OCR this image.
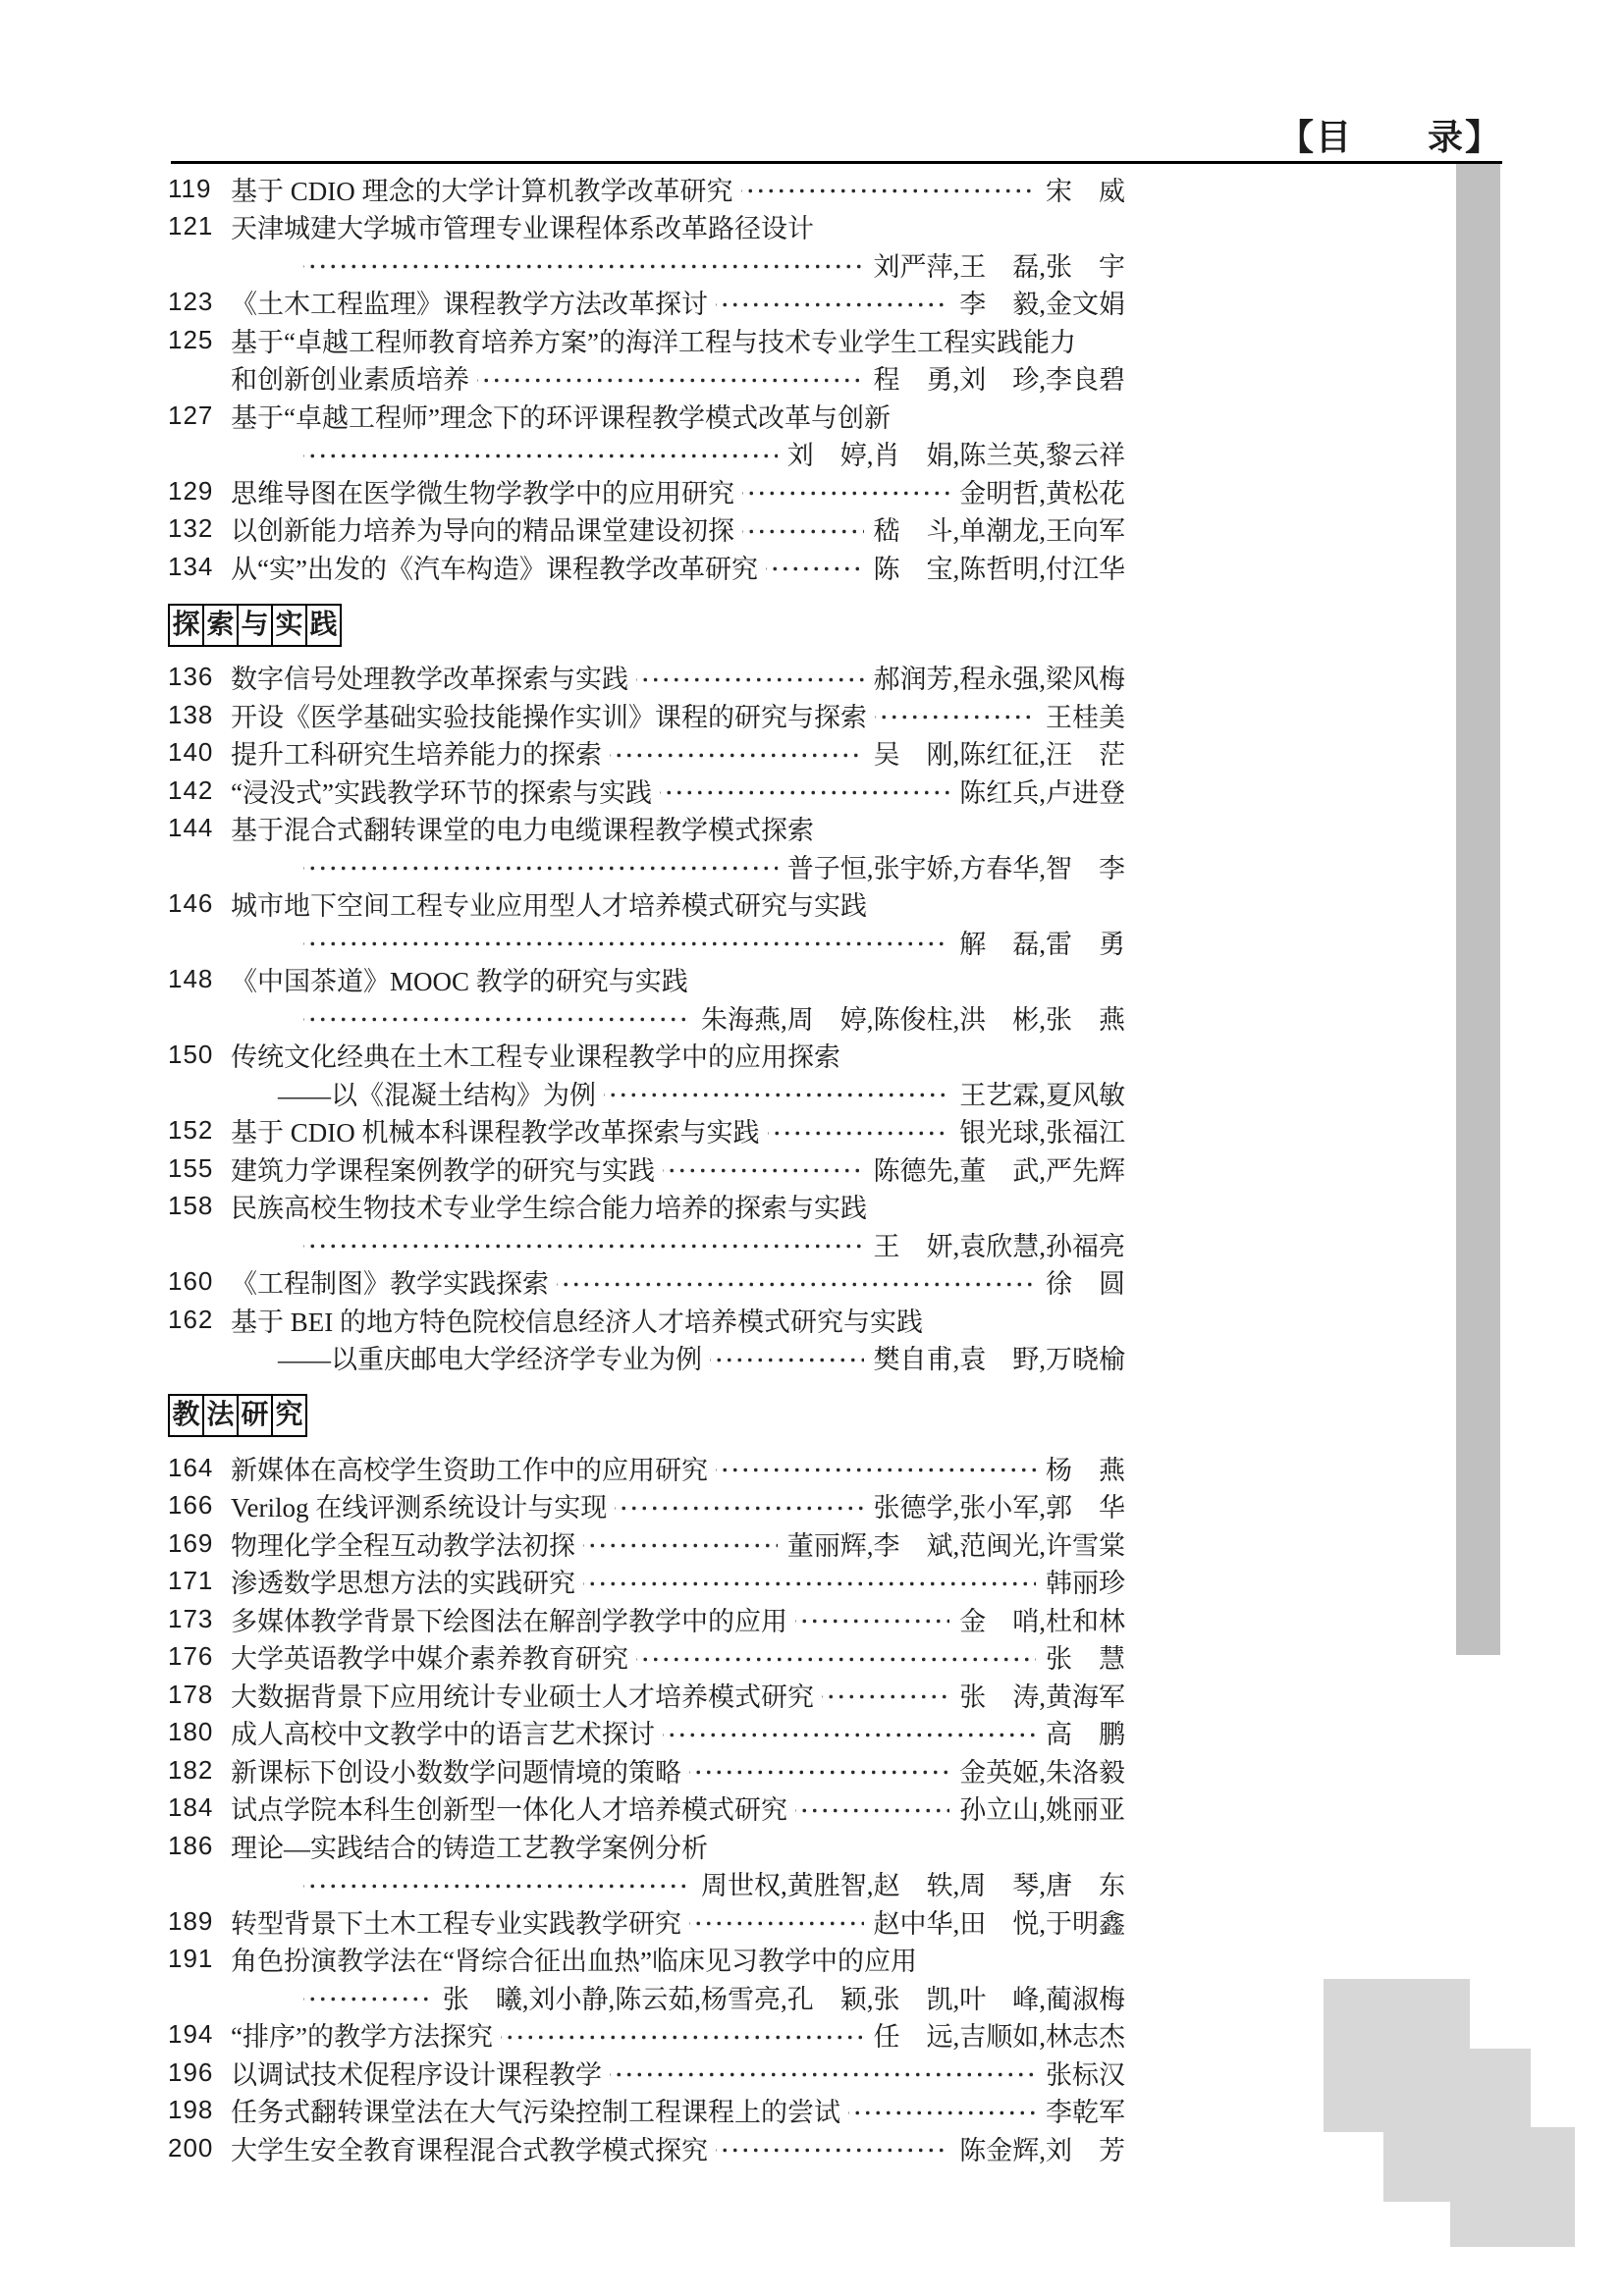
【目　　录】
119 基于 CDIO 理念的大学计算机教学改革研究	宋　威
121 天津城建大学城市管理专业课程体系改革路径设计
刘严萍,王　磊,张　宇
123 《土木工程监理》课程教学方法改革探讨	李　毅,金文娟
125 基于“卓越工程师教育培养方案”的海洋工程与技术专业学生工程实践能力
和创新创业素质培养	程　勇,刘　珍,李良碧
127 基于“卓越工程师”理念下的环评课程教学模式改革与创新
刘　婷,肖　娟,陈兰英,黎云祥
129 思维导图在医学微生物学教学中的应用研究	金明哲,黄松花
132 以创新能力培养为导向的精品课堂建设初探	嵇　斗,单潮龙,王向军
134 从“实”出发的《汽车构造》课程教学改革研究	陈　宝,陈哲明,付江华
探 索 与 实 践
136 数字信号处理教学改革探索与实践	郝润芳,程永强,梁风梅
138 开设《医学基础实验技能操作实训》课程的研究与探索	王桂美
140 提升工科研究生培养能力的探索	吴　刚,陈红征,汪　茫
142 “浸没式”实践教学环节的探索与实践	陈红兵,卢进登
144 基于混合式翻转课堂的电力电缆课程教学模式探索
普子恒,张宇娇,方春华,智　李
146 城市地下空间工程专业应用型人才培养模式研究与实践
解　磊,雷　勇
148 《中国茶道》MOOC 教学的研究与实践
朱海燕,周　婷,陈俊柱,洪　彬,张　燕
150 传统文化经典在土木工程专业课程教学中的应用探索
——以《混凝土结构》为例	王艺霖,夏风敏
152 基于 CDIO 机械本科课程教学改革探索与实践	银光球,张福江
155 建筑力学课程案例教学的研究与实践	陈德先,董　武,严先辉
158 民族高校生物技术专业学生综合能力培养的探索与实践
王　妍,袁欣慧,孙福亮
160 《工程制图》教学实践探索	徐　圆
162 基于 BEI 的地方特色院校信息经济人才培养模式研究与实践
——以重庆邮电大学经济学专业为例	樊自甫,袁　野,万晓榆
教 法 研 究
164 新媒体在高校学生资助工作中的应用研究	杨　燕
166 Verilog 在线评测系统设计与实现	张德学,张小军,郭　华
169 物理化学全程互动教学法初探	董丽辉,李　斌,范闽光,许雪棠
171 渗透数学思想方法的实践研究	韩丽珍
173 多媒体教学背景下绘图法在解剖学教学中的应用	金　哨,杜和林
176 大学英语教学中媒介素养教育研究	张　慧
178 大数据背景下应用统计专业硕士人才培养模式研究	张　涛,黄海军
180 成人高校中文教学中的语言艺术探讨	高　鹏
182 新课标下创设小数数学问题情境的策略	金英姬,朱洛毅
184 试点学院本科生创新型一体化人才培养模式研究	孙立山,姚丽亚
186 理论—实践结合的铸造工艺教学案例分析
周世权,黄胜智,赵　轶,周　琴,唐　东
189 转型背景下土木工程专业实践教学研究	赵中华,田　悦,于明鑫
191 角色扮演教学法在“肾综合征出血热”临床见习教学中的应用
张　曦,刘小静,陈云茹,杨雪亮,孔　颖,张　凯,叶　峰,蔺淑梅
194 “排序”的教学方法探究	任　远,吉顺如,林志杰
196 以调试技术促程序设计课程教学	张标汉
198 任务式翻转课堂法在大气污染控制工程课程上的尝试	李乾军
200 大学生安全教育课程混合式教学模式探究	陈金辉,刘　芳
